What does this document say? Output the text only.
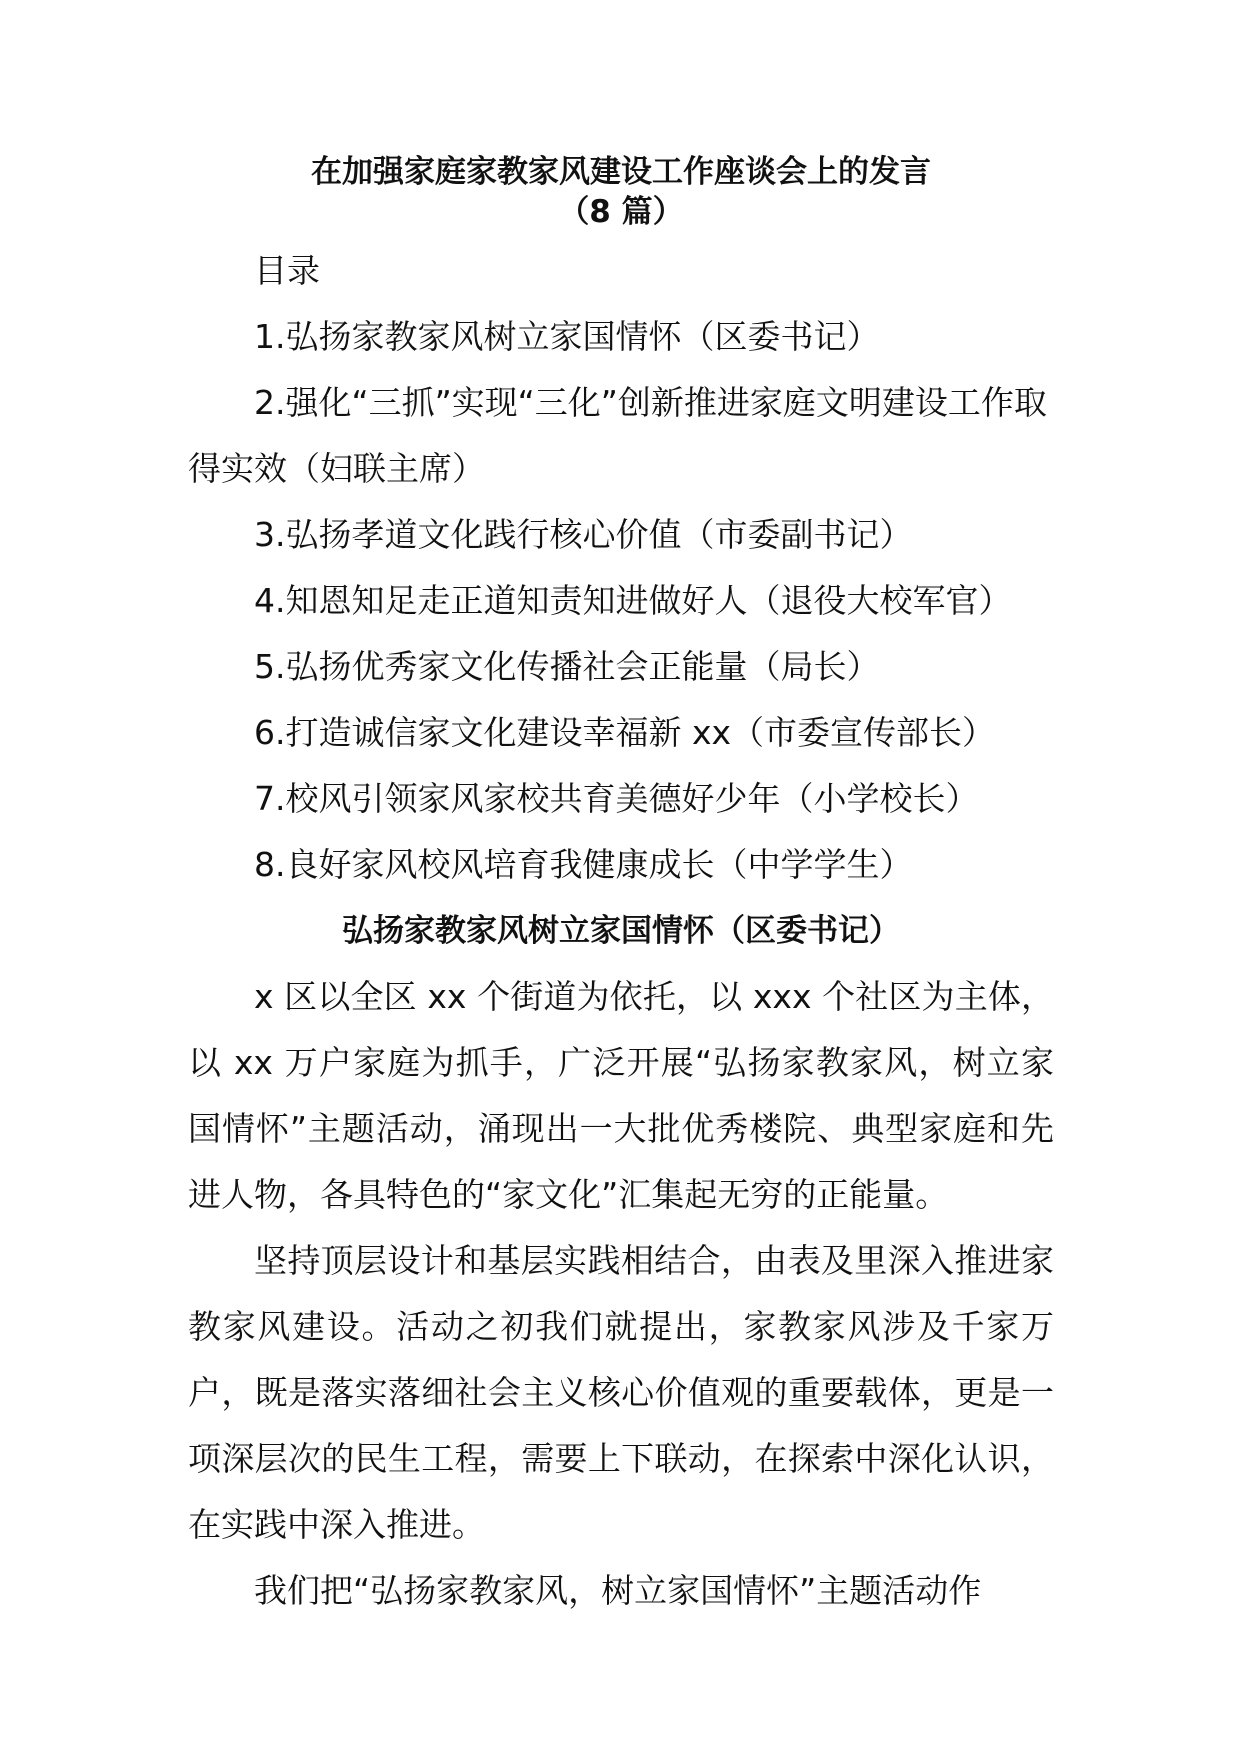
在加强家庭家教家风建设工作座谈会上的发言

（8 篇）

目录

1.弘扬家教家风树立家国情怀（区委书记）

2.强化“三抓”实现“三化”创新推进家庭文明建设工作取得实效（妇联主席）

3.弘扬孝道文化践行核心价值（市委副书记）

4.知恩知足走正道知责知进做好人（退役大校军官）

5.弘扬优秀家文化传播社会正能量（局长）

6.打造诚信家文化建设幸福新 xx（市委宣传部长）

7.校风引领家风家校共育美德好少年（小学校长）

8.良好家风校风培育我健康成长（中学学生）

弘扬家教家风树立家国情怀（区委书记）

x 区以全区 xx 个街道为依托，以 xxx 个社区为主体，以 xx 万户家庭为抓手，广泛开展“弘扬家教家风，树立家国情怀”主题活动，涌现出一大批优秀楼院、典型家庭和先进人物，各具特色的“家文化”汇集起无穷的正能量。

坚持顶层设计和基层实践相结合，由表及里深入推进家教家风建设。活动之初我们就提出，家教家风涉及千家万户，既是落实落细社会主义核心价值观的重要载体，更是一项深层次的民生工程，需要上下联动，在探索中深化认识，在实践中深入推进。

我们把“弘扬家教家风，树立家国情怀”主题活动作
